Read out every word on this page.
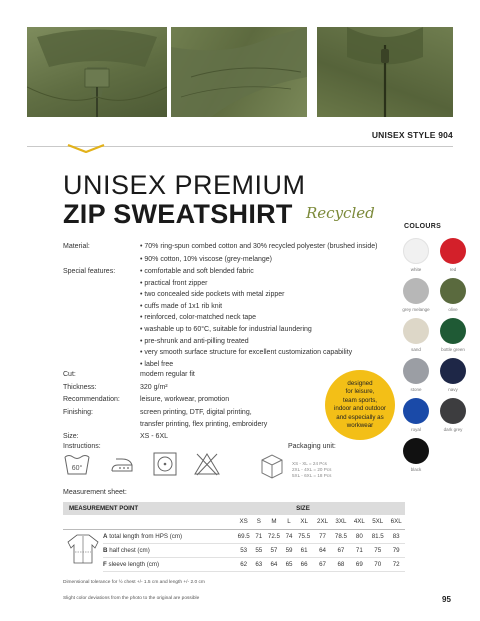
UNISEX STYLE 904
UNISEX PREMIUM
ZIP SWEATSHIRT Recycled
COLOURS
white	red
grey melange	olive
sand	bottle green
stone	navy
royal	dark grey
black
Material:	• 70% ring-spun combed cotton and 30% recycled polyester (brushed inside)
• 90% cotton, 10% viscose (grey-melange)
Special features:	• comfortable and soft blended fabric
• practical front zipper
• two concealed side pockets with metal zipper
• cuffs made of 1x1 rib knit
• reinforced, color-matched neck tape
• washable up to 60°C, suitable for industrial laundering
• pre-shrunk and anti-pilling treated
• very smooth surface structure for excellent customization capability
• label free
Cut:	modern regular fit
Thickness:	320 g/m²
Recommendation:	leisure, workwear, promotion
Finishing:	screen printing, DTF, digital printing,
transfer printing, flex printing, embroidery
Size:	XS - 6XL
Instructions:	Packaging unit:
designed
for leisure,
team sports,
indoor and outdoor
and especially as
workwear
60°
XS - XL = 24 Pcs
2XL - 4XL = 20 Pcs
5XL - 6XL = 18 Pcs
Measurement sheet:
MEASUREMENT POINT		SIZE									
		XS	S	M	L	XL	2XL	3XL	4XL	5XL	6XL
	A total length from HPS (cm)	69.5	71	72.5	74	75.5	77	78.5	80	81.5	83
	B half chest (cm)	53	55	57	59	61	64	67	71	75	79
	F sleeve length (cm)	62	63	64	65	66	67	68	69	70	72
Dimensional tolerance for ½ chest +/- 1.5 cm and length +/- 2.0 cm
Slight color deviations from the photo to the original are possible	95
